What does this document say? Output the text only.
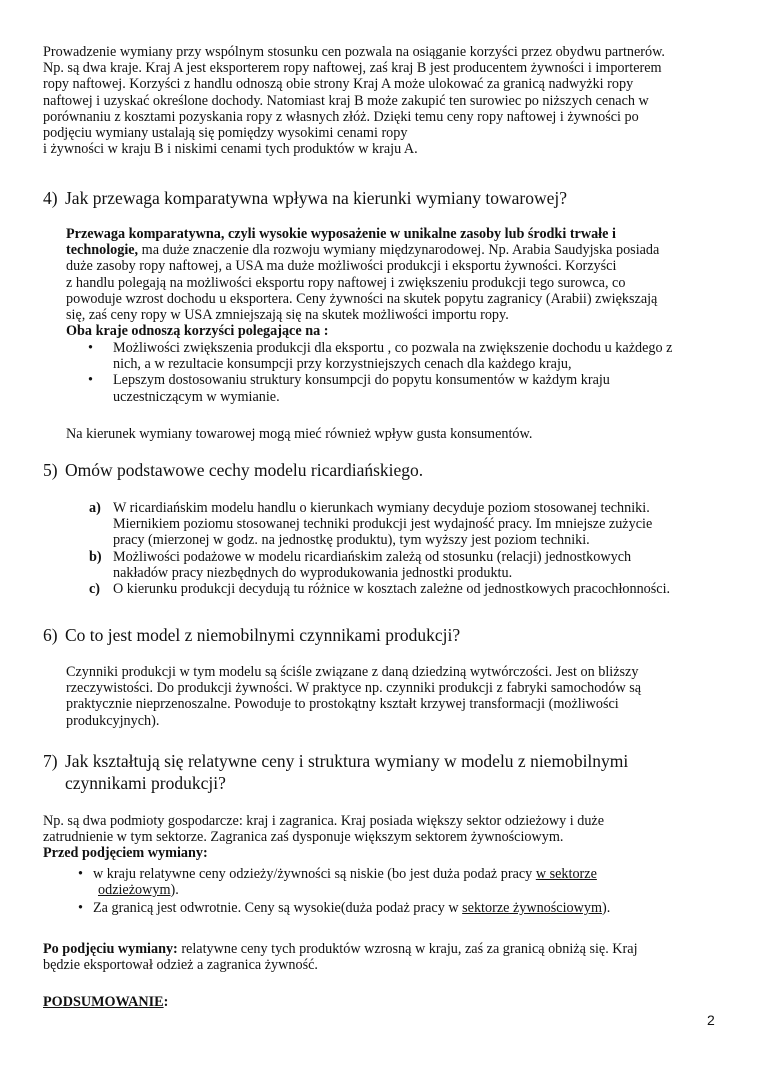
Prowadzenie wymiany przy wspólnym stosunku cen pozwala na osiąganie korzyści przez obydwu partnerów.
Np. są dwa kraje. Kraj A jest eksporterem ropy naftowej, zaś kraj B jest producentem żywności i importerem
ropy naftowej. Korzyści z handlu odnoszą obie strony Kraj A może ulokować za granicą nadwyżki ropy
naftowej i uzyskać określone dochody. Natomiast kraj B może zakupić ten surowiec po niższych cenach w
porównaniu z kosztami pozyskania ropy z własnych złóż. Dzięki temu ceny ropy naftowej i żywności po
podjęciu wymiany ustalają się pomiędzy wysokimi cenami ropy
i żywności w kraju B i niskimi cenami tych produktów w kraju A.
4) Jak przewaga komparatywna wpływa na kierunki wymiany towarowej?
Przewaga komparatywna, czyli wysokie wyposażenie w unikalne zasoby lub środki trwałe i
technologie, ma duże znaczenie dla rozwoju wymiany międzynarodowej. Np. Arabia Saudyjska posiada
duże zasoby ropy naftowej, a USA ma duże możliwości produkcji i eksportu żywności. Korzyści
z handlu polegają na możliwości eksportu ropy naftowej i zwiększeniu produkcji tego surowca, co
powoduje wzrost dochodu u eksportera. Ceny żywności na skutek popytu zagranicy (Arabii) zwiększają
się, zaś ceny ropy w USA zmniejszają się na skutek możliwości importu ropy.
Oba kraje odnoszą korzyści polegające na :
• Możliwości zwiększenia produkcji dla eksportu , co pozwala na zwiększenie dochodu u każdego z
nich, a w rezultacie konsumpcji przy korzystniejszych cenach dla każdego kraju,
• Lepszym dostosowaniu struktury konsumpcji do popytu konsumentów w każdym kraju
uczestniczącym w wymianie.
Na kierunek wymiany towarowej mogą mieć również wpływ gusta konsumentów.
5) Omów podstawowe cechy modelu ricardiańskiego.
a) W ricardiańskim modelu handlu o kierunkach wymiany decyduje poziom stosowanej techniki.
Miernikiem poziomu stosowanej techniki produkcji jest wydajność pracy. Im mniejsze zużycie
pracy (mierzonej w godz. na jednostkę produktu), tym wyższy jest poziom techniki.
b) Możliwości podażowe w modelu ricardiańskim zależą od stosunku (relacji) jednostkowych
nakładów pracy niezbędnych do wyprodukowania jednostki produktu.
c) O kierunku produkcji decydują tu różnice w kosztach zależne od jednostkowych pracochłonności.
6) Co to jest model z niemobilnymi czynnikami produkcji?
Czynniki produkcji w tym modelu są ściśle związane z daną dziedziną wytwórczości. Jest on bliższy
rzeczywistości. Do produkcji żywności. W praktyce np. czynniki produkcji z fabryki samochodów są
praktycznie nieprzenoszalne. Powoduje to prostokątny kształt krzywej transformacji (możliwości
produkcyjnych).
7) Jak kształtują się relatywne ceny i struktura wymiany w modelu z niemobilnymi
czynnikami produkcji?
Np. są dwa podmioty gospodarcze: kraj i zagranica. Kraj posiada większy sektor odzieżowy i duże
zatrudnienie w tym sektorze. Zagranica zaś dysponuje większym sektorem żywnościowym.
Przed podjęciem wymiany:
• w kraju relatywne ceny odzieży/żywności są niskie (bo jest duża podaż pracy w sektorze
odzieżowym).
• Za granicą jest odwrotnie. Ceny są wysokie(duża podaż pracy w sektorze żywnościowym).
Po podjęciu wymiany: relatywne ceny tych produktów wzrosną w kraju, zaś za granicą obniżą się. Kraj
będzie eksportował odzież a zagranica żywność.
PODSUMOWANIE:
2
